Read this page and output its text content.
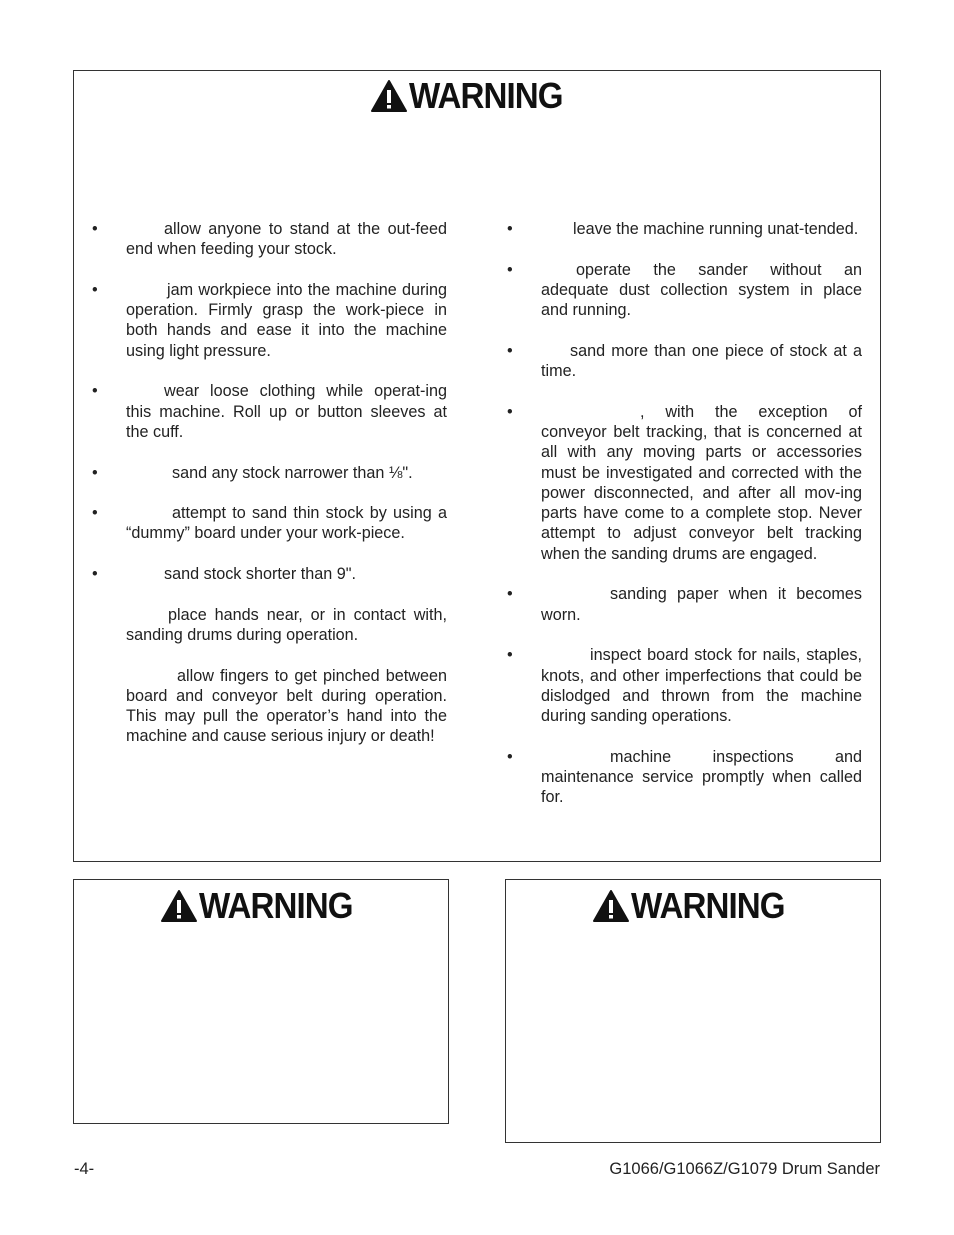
WARNING
•	allow anyone to stand at the out-feed end when feeding your stock.
•	jam workpiece into the machine during operation. Firmly grasp the work-piece in both hands and ease it into the machine using light pressure.
•	wear loose clothing while operat-ing this machine. Roll up or button sleeves at the cuff.
•	sand any stock narrower than ⅛".
•	attempt to sand thin stock by using a “dummy” board under your work-piece.
•	sand stock shorter than 9".
place hands near, or in contact with, sanding drums during operation.
allow fingers to get pinched between board and conveyor belt during operation. This may pull the operator’s hand into the machine and cause serious injury or death!
•	leave the machine running unat-tended.
•	operate the sander without an adequate dust collection system in place and running.
•	sand more than one piece of stock at a time.
•	, with the exception of conveyor belt tracking, that is concerned at all with any moving parts or accessories must be investigated and corrected with the power disconnected, and after all mov-ing parts have come to a complete stop. Never attempt to adjust conveyor belt tracking when the sanding drums are engaged.
•	sanding paper when it becomes worn.
•	inspect board stock for nails, staples, knots, and other imperfections that could be dislodged and thrown from the machine during sanding operations.
•	machine inspections and maintenance service promptly when called for.
WARNING	WARNING
-4-	G1066/G1066Z/G1079 Drum Sander
